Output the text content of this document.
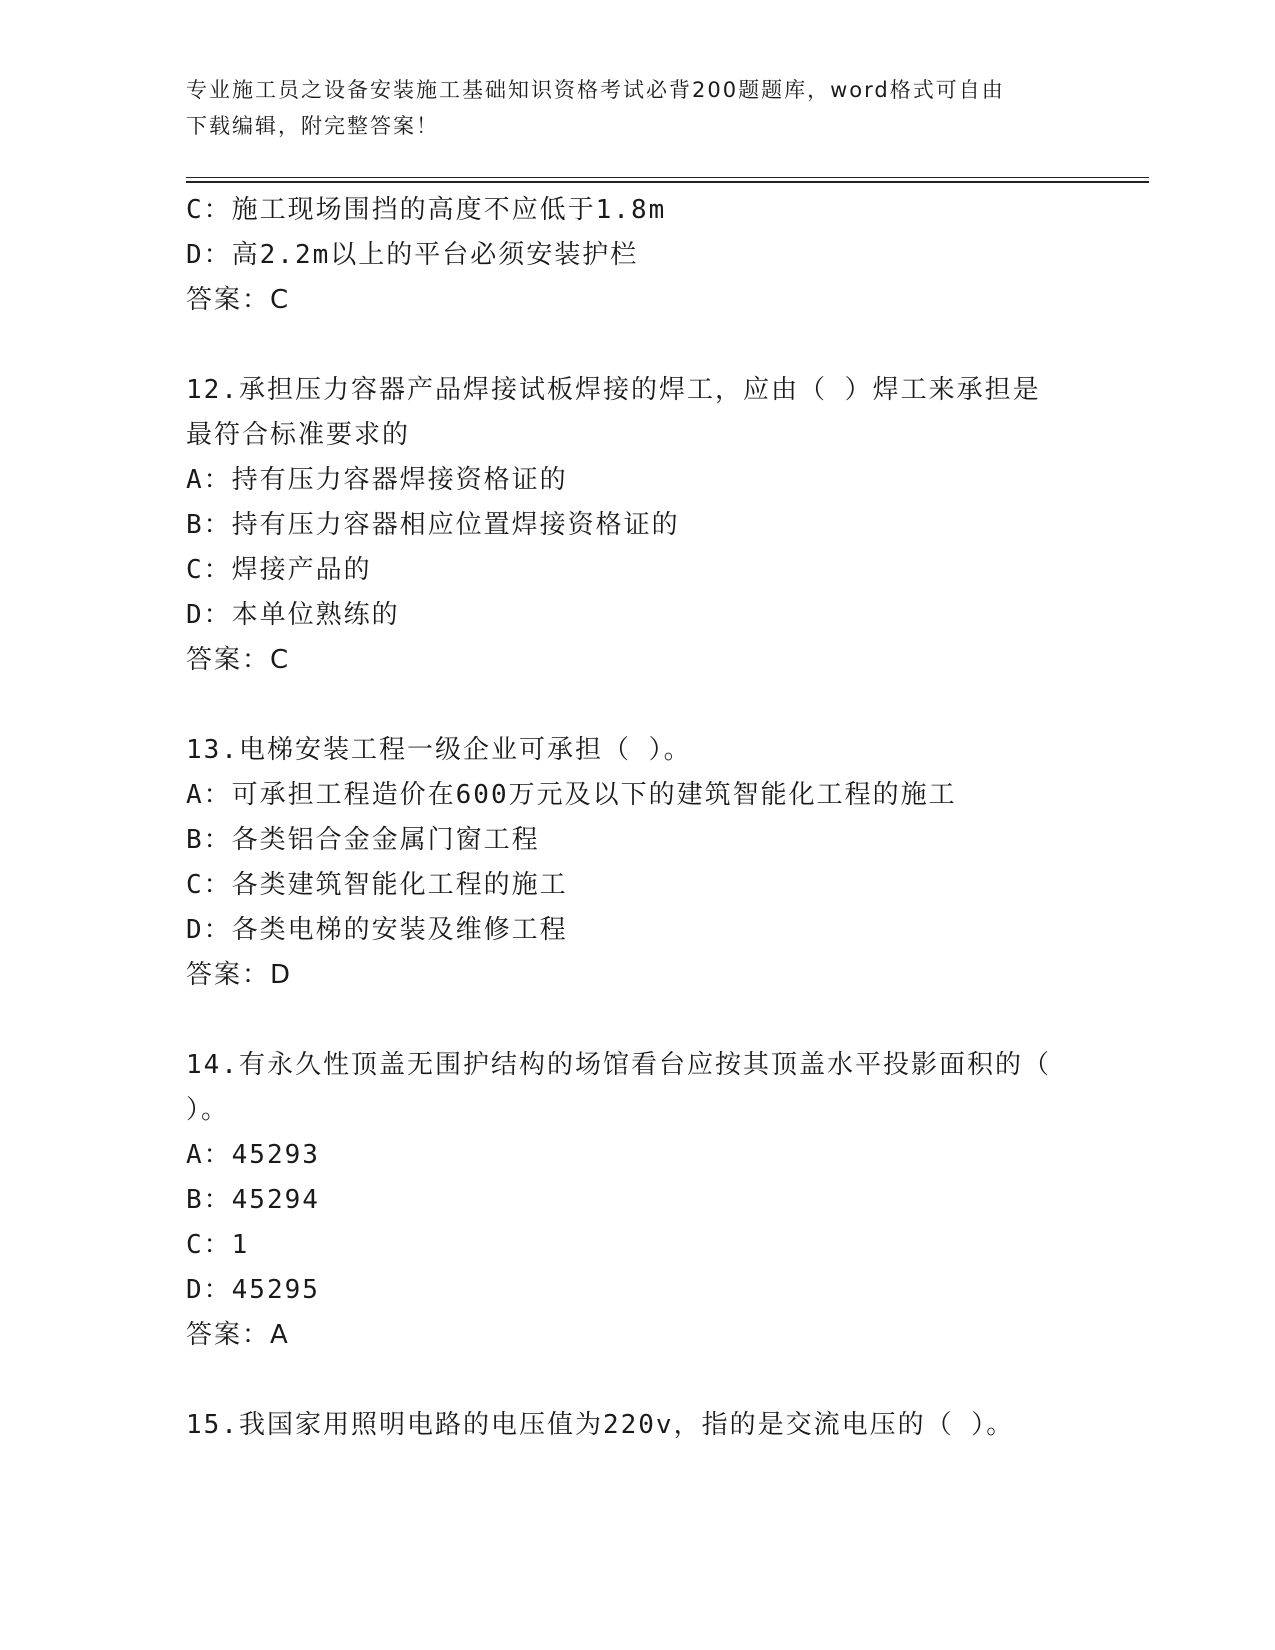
专业施工员之设备安装施工基础知识资格考试必背200题题库，word格式可自由
下载编辑，附完整答案！
C：施工现场围挡的高度不应低于1.8m
D：高2.2m以上的平台必须安装护栏
答案：C
12.承担压力容器产品焊接试板焊接的焊工，应由（ ）焊工来承担是
最符合标准要求的
A：持有压力容器焊接资格证的
B：持有压力容器相应位置焊接资格证的
C：焊接产品的
D：本单位熟练的
答案：C
13.电梯安装工程一级企业可承担（ ）。
A：可承担工程造价在600万元及以下的建筑智能化工程的施工
B：各类铝合金金属门窗工程
C：各类建筑智能化工程的施工
D：各类电梯的安装及维修工程
答案：D
14.有永久性顶盖无围护结构的场馆看台应按其顶盖水平投影面积的（
）。
A：45293
B：45294
C：1
D：45295
答案：A
15.我国家用照明电路的电压值为220v，指的是交流电压的（ ）。
